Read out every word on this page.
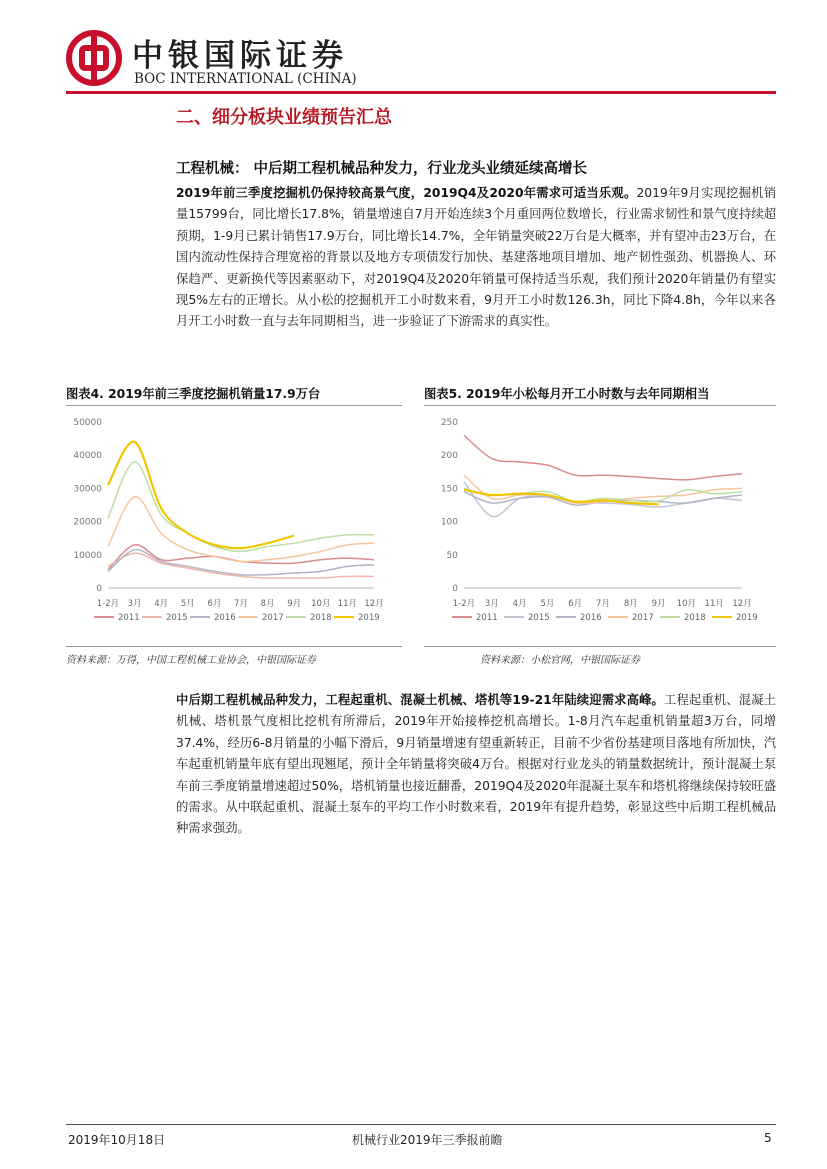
中银国际证券
BOC INTERNATIONAL (CHINA)
二、细分板块业绩预告汇总
工程机械： 中后期工程机械品种发力，行业龙头业绩延续高增长
2019年前三季度挖掘机仍保持较高景气度，2019Q4及2020年需求可适当乐观。2019年9月实现挖掘机销量15799台，同比增长17.8%，销量增速自7月开始连续3个月重回两位数增长，行业需求韧性和景气度持续超预期，1-9月已累计销售17.9万台，同比增长14.7%，全年销量突破22万台是大概率，并有望冲击23万台，在国内流动性保持合理宽裕的背景以及地方专项债发行加快、基建落地项目增加、地产韧性强劲、机器换人、环保趋严、更新换代等因素驱动下，对2019Q4及2020年销量可保持适当乐观，我们预计2020年销量仍有望实现5%左右的正增长。从小松的挖掘机开工小时数来看，9月开工小时数126.3h，同比下降4.8h，今年以来各月开工小时数一直与去年同期相当，进一步验证了下游需求的真实性。
图表4. 2019年前三季度挖掘机销量17.9万台
0
10000
20000
30000
40000
50000
1-2月 3月 4月 5月 6月 7月 8月 9月 10月 11月 12月
2011	2015	2016	2017	2018	2019
资料来源：万得，中国工程机械工业协会，中银国际证券
图表5. 2019年小松每月开工小时数与去年同期相当
0
50
100
150
200
250
1-2月 3月 4月 5月 6月 7月 8月 9月 10月 11月 12月
2011	2015	2016	2017	2018	2019
资料来源：小松官网，中银国际证券
中后期工程机械品种发力，工程起重机、混凝土机械、塔机等19-21年陆续迎需求高峰。工程起重机、混凝土机械、塔机景气度相比挖机有所滞后，2019年开始接棒挖机高增长。1-8月汽车起重机销量超3万台，同增37.4%，经历6-8月销量的小幅下滑后，9月销量增速有望重新转正，目前不少省份基建项目落地有所加快，汽车起重机销量年底有望出现翘尾，预计全年销量将突破4万台。根据对行业龙头的销量数据统计，预计混凝土泵车前三季度销量增速超过50%，塔机销量也接近翻番，2019Q4及2020年混凝土泵车和塔机将继续保持较旺盛的需求。从中联起重机、混凝土泵车的平均工作小时数来看，2019年有提升趋势，彰显这些中后期工程机械品种需求强劲。
2019年10月18日	机械行业2019年三季报前瞻	5
